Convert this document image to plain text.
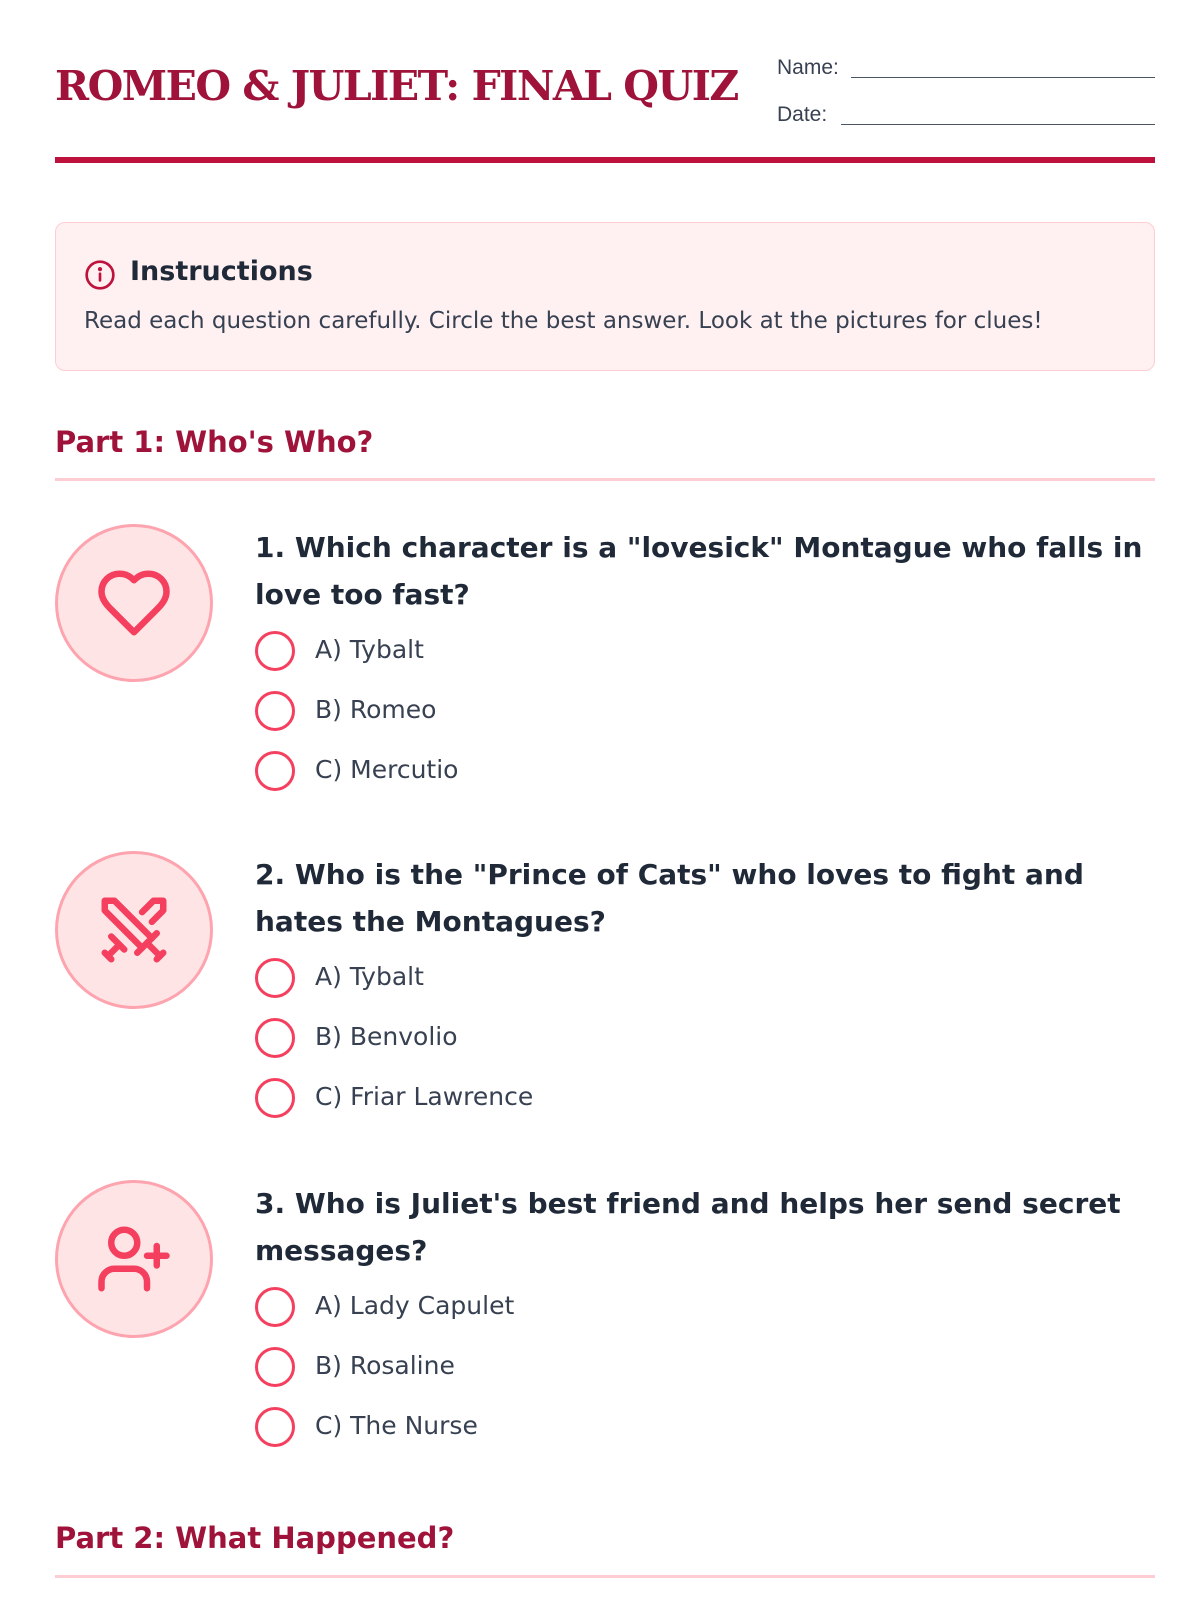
ROMEO & JULIET: FINAL QUIZ Name:
Date:
Instructions
Read each question carefully. Circle the best answer. Look at the pictures for clues!
Part 1: Who's Who?

1. Which character is a "lovesick" Montague who falls in love too fast?

A) Tybalt
B) Romeo
C) Mercutio

2. Who is the "Prince of Cats" who loves to fight and hates the Montagues?

A) Tybalt
B) Benvolio
C) Friar Lawrence

3. Who is Juliet's best friend and helps her send secret messages?

A) Lady Capulet
B) Rosaline
C) The Nurse
Part 2: What Happened?
